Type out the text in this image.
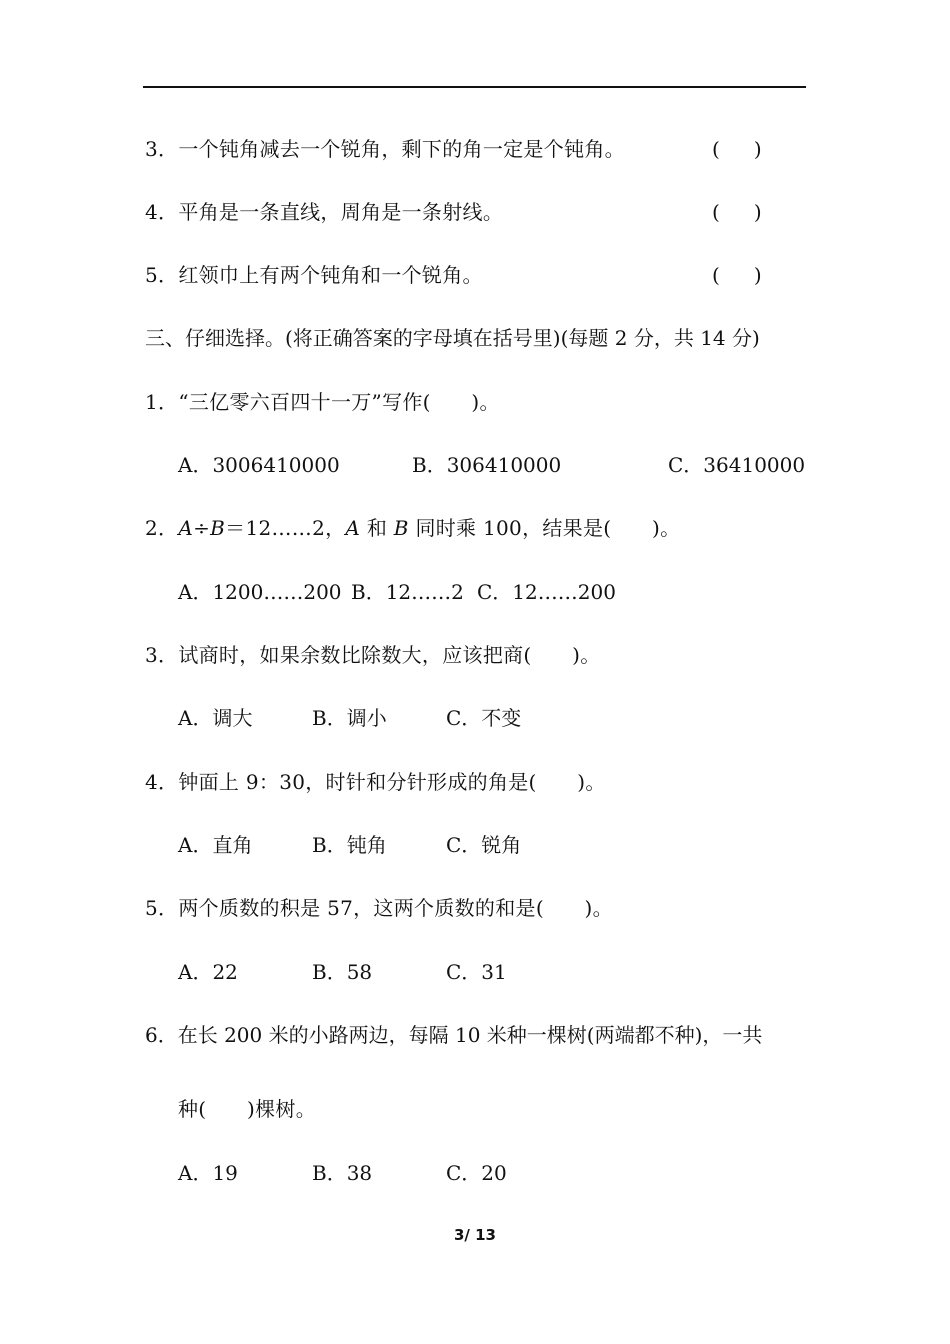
3．一个钝角减去一个锐角，剩下的角一定是个钝角。	( )
4．平角是一条直线，周角是一条射线。	( )
5．红领巾上有两个钝角和一个锐角。	( )
三、仔细选择。(将正确答案的字母填在括号里)(每题 2 分，共 14 分)
1．“三亿零六百四十一万”写作(　　)。
A．3006410000	B．306410000	C．36410000
2．A÷B＝12……2，A 和 B 同时乘 100，结果是(　　)。
A．1200……200 B．12……2 C．12……200
3．试商时，如果余数比除数大，应该把商(　　)。
A．调大	B．调小	C．不变
4．钟面上 9：30，时针和分针形成的角是(　　)。
A．直角	B．钝角	C．锐角
5．两个质数的积是 57，这两个质数的和是(　　)。
A．22	B．58	C．31
6．在长 200 米的小路两边，每隔 10 米种一棵树(两端都不种)，一共
种(　　)棵树。
A．19	B．38	C．20
3/ 13
